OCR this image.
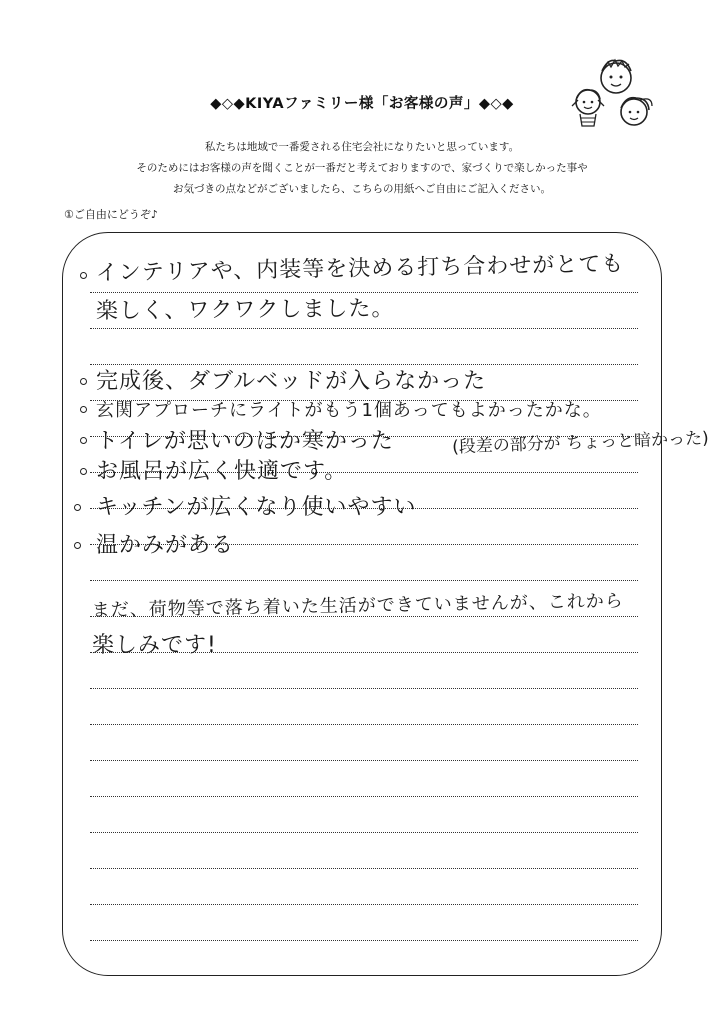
◆◇◆KIYAファミリー様「お客様の声」◆◇◆
私たちは地域で一番愛される住宅会社になりたいと思っています。
そのためにはお客様の声を聞くことが一番だと考えておりますので、家づくりで楽しかった事や
お気づきの点などがございましたら、こちらの用紙へご自由にご記入ください。
①ご自由にどうぞ♪
インテリアや、内装等を決める打ち合わせがとても
楽しく、ワクワクしました。
完成後、ダブルベッドが入らなかった
玄関アプローチにライトがもう1個あってもよかったかな。
トイレが思いのほか寒かった	(段差の部分が ちょっと暗かった)
お風呂が広く快適です。
キッチンが広くなり使いやすい
温かみがある
まだ、荷物等で落ち着いた生活ができていませんが、これから
楽しみです!
